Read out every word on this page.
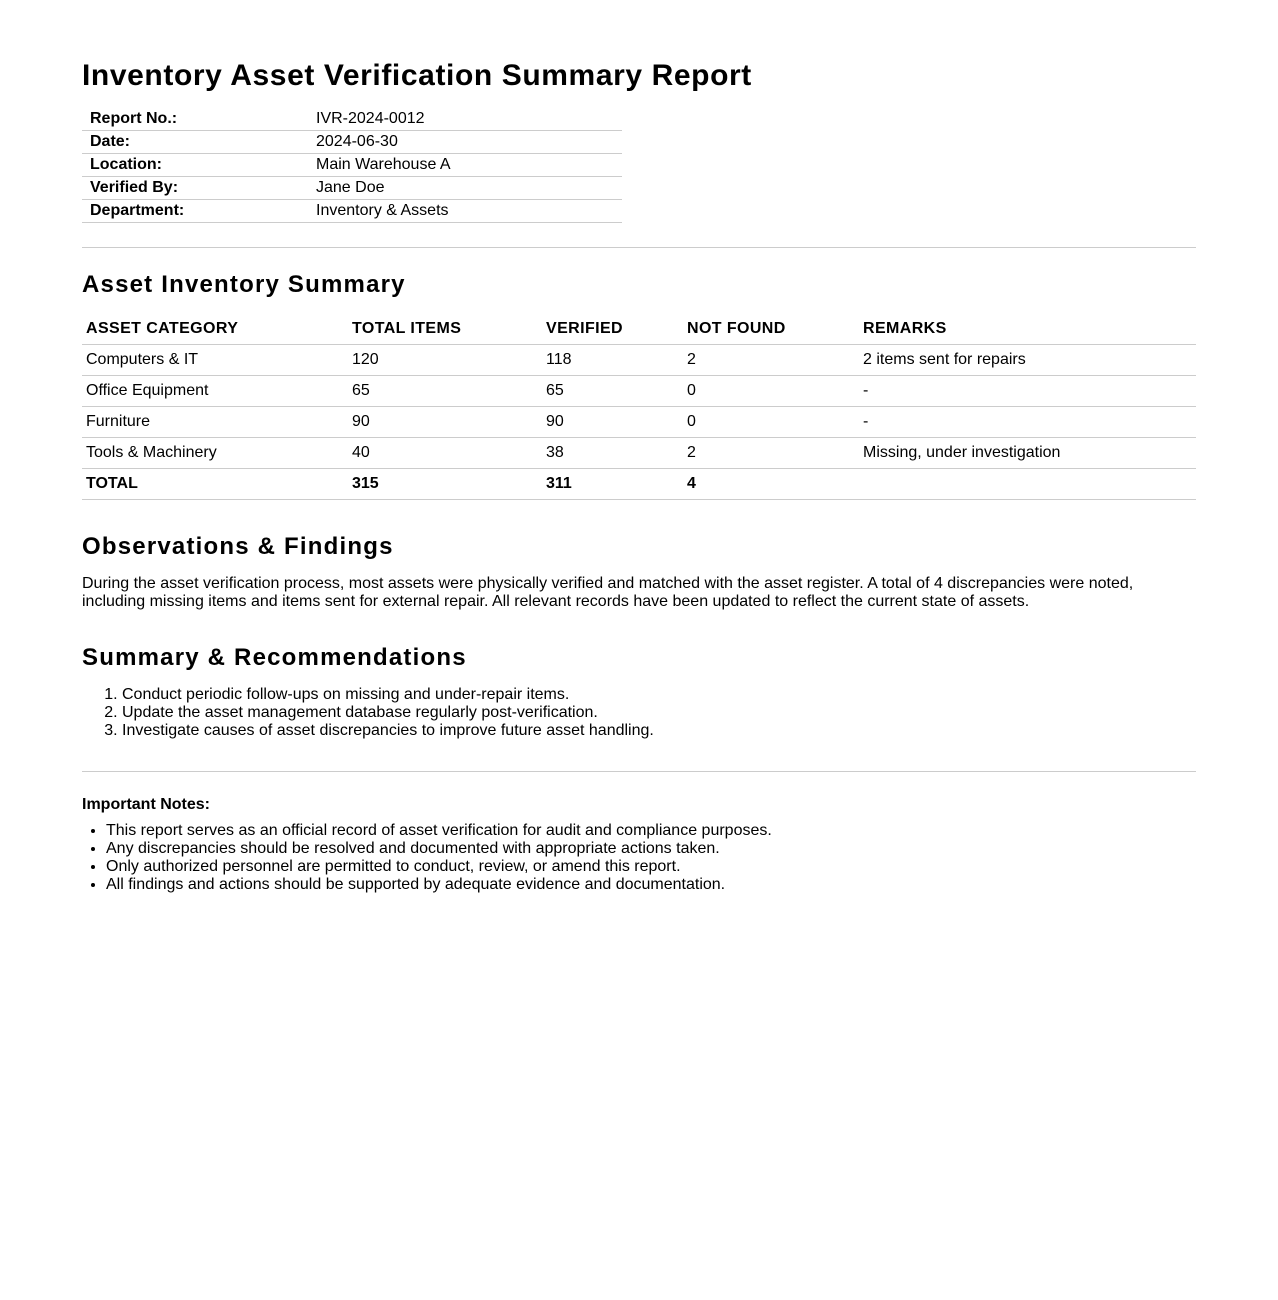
Inventory Asset Verification Summary Report
Report No.:	IVR-2024-0012
Date:	2024-06-30
Location:	Main Warehouse A
Verified By:	Jane Doe
Department:	Inventory & Assets
Asset Inventory Summary
ASSET CATEGORY	TOTAL ITEMS	VERIFIED	NOT FOUND	REMARKS
Computers & IT	120	118	2	2 items sent for repairs
Office Equipment	65	65	0	-
Furniture	90	90	0	-
Tools & Machinery	40	38	2	Missing, under investigation
TOTAL	315	311	4	
Observations & Findings

During the asset verification process, most assets were physically verified and matched with the asset register. A total of 4 discrepancies were noted, including missing items and items sent for external repair. All relevant records have been updated to reflect the current state of assets.

Summary & Recommendations
1. Conduct periodic follow-ups on missing and under-repair items.
2. Update the asset management database regularly post-verification.
3. Investigate causes of asset discrepancies to improve future asset handling.
Important Notes:
• This report serves as an official record of asset verification for audit and compliance purposes.
• Any discrepancies should be resolved and documented with appropriate actions taken.
• Only authorized personnel are permitted to conduct, review, or amend this report.
• All findings and actions should be supported by adequate evidence and documentation.
